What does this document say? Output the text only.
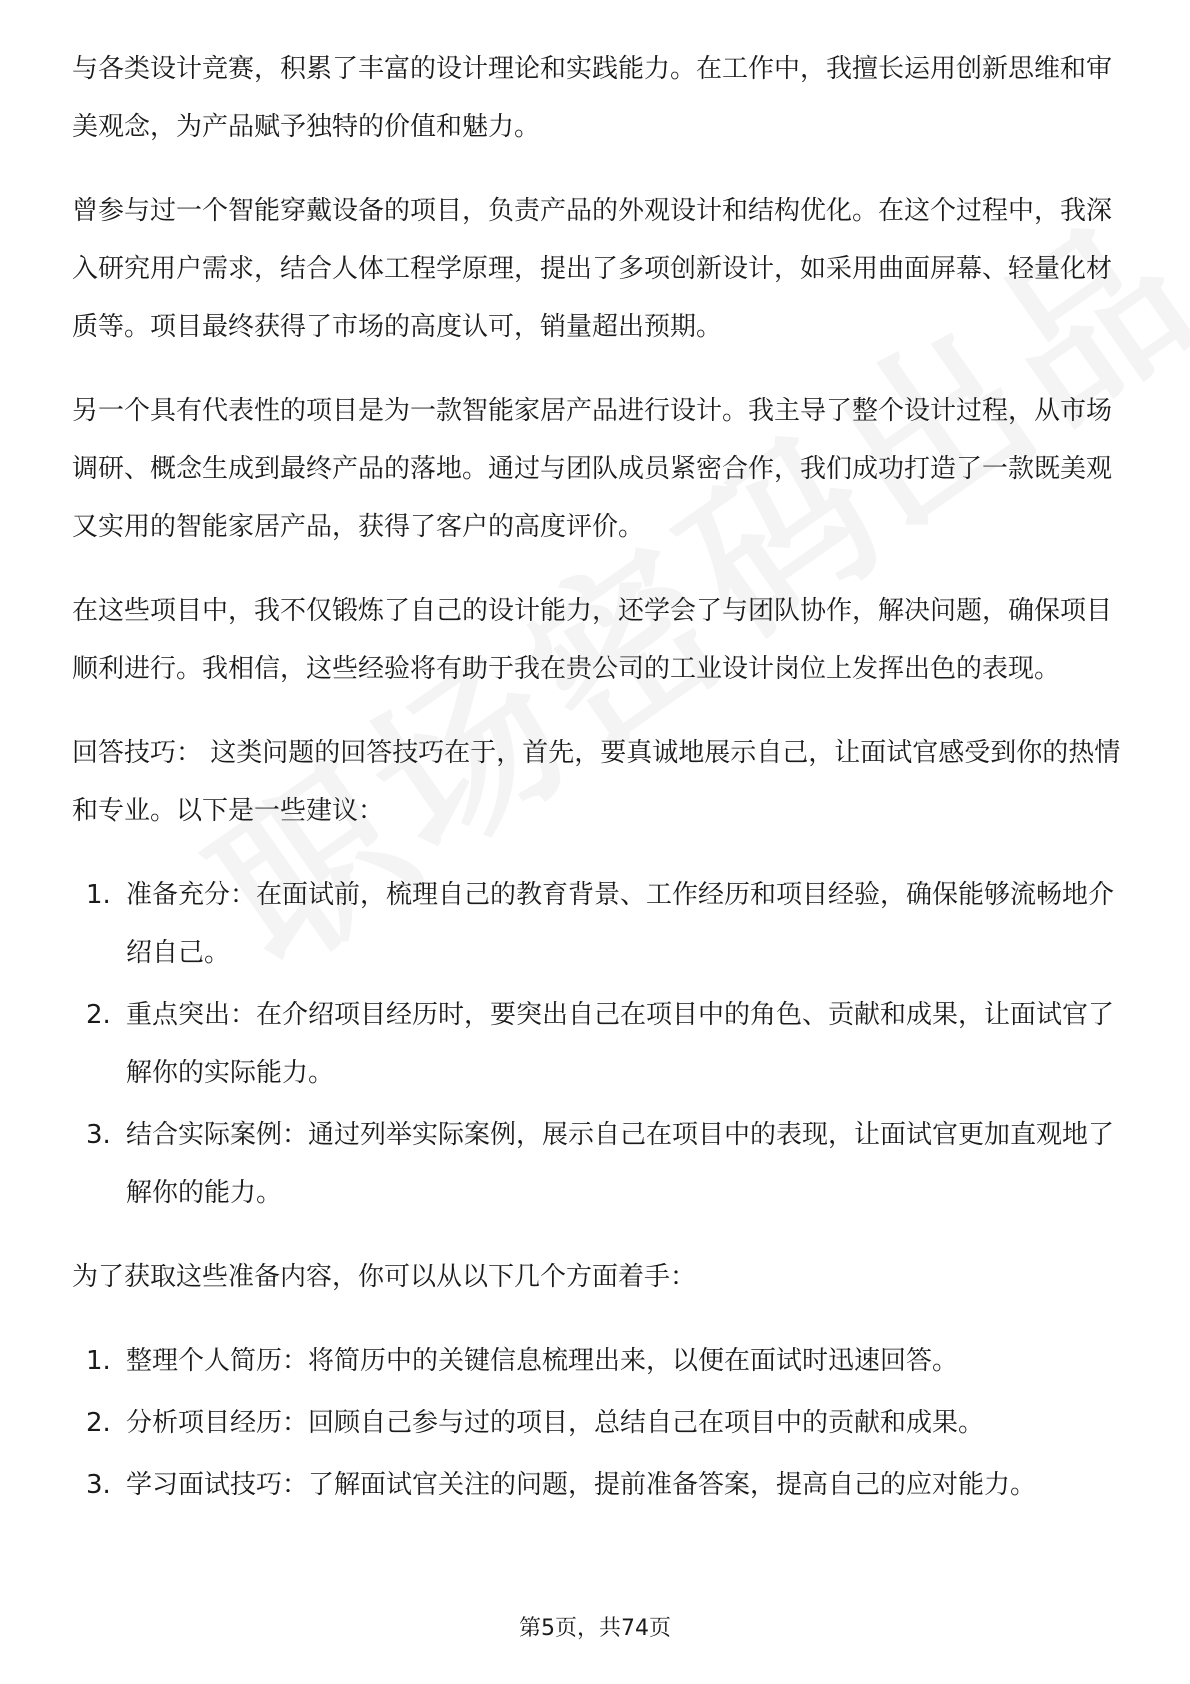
与各类设计竞赛，积累了丰富的设计理论和实践能力。在工作中，我擅长运用创新思维和审美观念，为产品赋予独特的价值和魅力。

曾参与过一个智能穿戴设备的项目，负责产品的外观设计和结构优化。在这个过程中，我深入研究用户需求，结合人体工程学原理，提出了多项创新设计，如采用曲面屏幕、轻量化材质等。项目最终获得了市场的高度认可，销量超出预期。

另一个具有代表性的项目是为一款智能家居产品进行设计。我主导了整个设计过程，从市场调研、概念生成到最终产品的落地。通过与团队成员紧密合作，我们成功打造了一款既美观又实用的智能家居产品，获得了客户的高度评价。

在这些项目中，我不仅锻炼了自己的设计能力，还学会了与团队协作，解决问题，确保项目顺利进行。我相信，这些经验将有助于我在贵公司的工业设计岗位上发挥出色的表现。

回答技巧： 这类问题的回答技巧在于，首先，要真诚地展示自己，让面试官感受到你的热情和专业。以下是一些建议：

1. 准备充分：在面试前，梳理自己的教育背景、工作经历和项目经验，确保能够流畅地介绍自己。
2. 重点突出：在介绍项目经历时，要突出自己在项目中的角色、贡献和成果，让面试官了解你的实际能力。
3. 结合实际案例：通过列举实际案例，展示自己在项目中的表现，让面试官更加直观地了解你的能力。

为了获取这些准备内容，你可以从以下几个方面着手：

1. 整理个人简历：将简历中的关键信息梳理出来，以便在面试时迅速回答。
2. 分析项目经历：回顾自己参与过的项目，总结自己在项目中的贡献和成果。
3. 学习面试技巧：了解面试官关注的问题，提前准备答案，提高自己的应对能力。
第5页，共74页
